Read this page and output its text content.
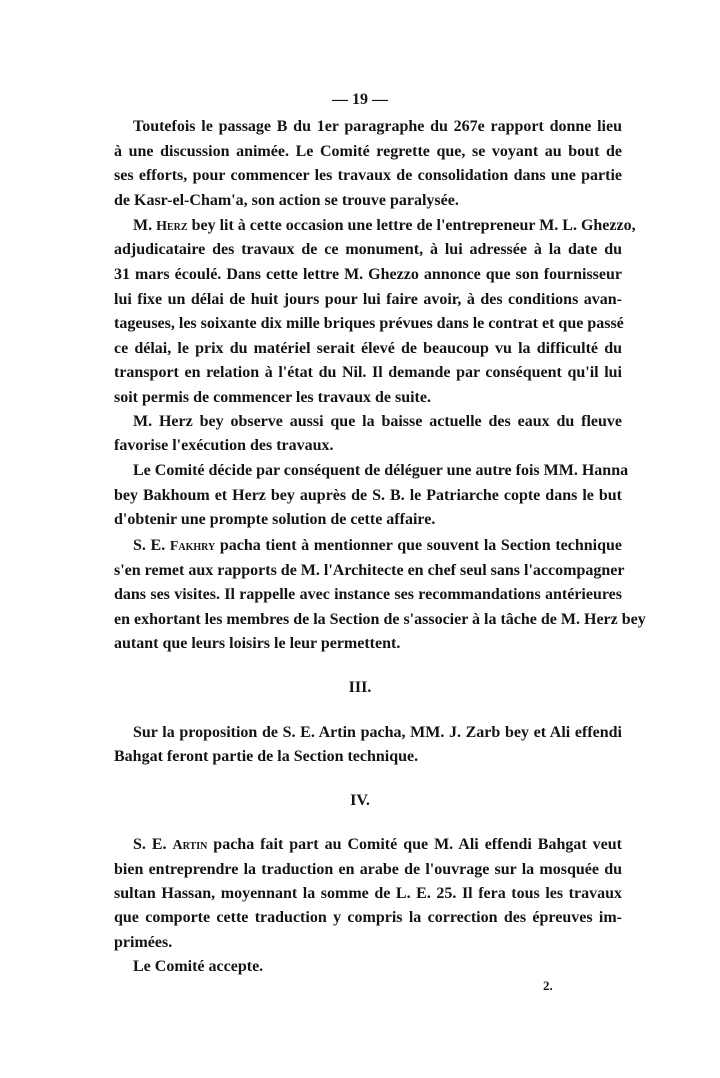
— 19 —
Toutefois le passage B du 1er paragraphe du 267e rapport donne lieu
à une discussion animée. Le Comité regrette que, se voyant au bout de
ses efforts, pour commencer les travaux de consolidation dans une partie
de Kasr-el-Cham'a, son action se trouve paralysée.
M. Herz bey lit à cette occasion une lettre de l'entrepreneur M. L. Ghezzo,
adjudicataire des travaux de ce monument, à lui adressée à la date du
31 mars écoulé. Dans cette lettre M. Ghezzo annonce que son fournisseur
lui fixe un délai de huit jours pour lui faire avoir, à des conditions avan-
tageuses, les soixante dix mille briques prévues dans le contrat et que passé
ce délai, le prix du matériel serait élevé de beaucoup vu la difficulté du
transport en relation à l'état du Nil. Il demande par conséquent qu'il lui
soit permis de commencer les travaux de suite.
M. Herz bey observe aussi que la baisse actuelle des eaux du fleuve
favorise l'exécution des travaux.
Le Comité décide par conséquent de déléguer une autre fois MM. Hanna
bey Bakhoum et Herz bey auprès de S. B. le Patriarche copte dans le but
d'obtenir une prompte solution de cette affaire.
S. E. Fakhry pacha tient à mentionner que souvent la Section technique
s'en remet aux rapports de M. l'Architecte en chef seul sans l'accompagner
dans ses visites. Il rappelle avec instance ses recommandations antérieures
en exhortant les membres de la Section de s'associer à la tâche de M. Herz bey
autant que leurs loisirs le leur permettent.
III.
Sur la proposition de S. E. Artin pacha, MM. J. Zarb bey et Ali effendi
Bahgat feront partie de la Section technique.
IV.
S. E. Artin pacha fait part au Comité que M. Ali effendi Bahgat veut
bien entreprendre la traduction en arabe de l'ouvrage sur la mosquée du
sultan Hassan, moyennant la somme de L. E. 25. Il fera tous les travaux
que comporte cette traduction y compris la correction des épreuves im-
primées.
Le Comité accepte.
2.
